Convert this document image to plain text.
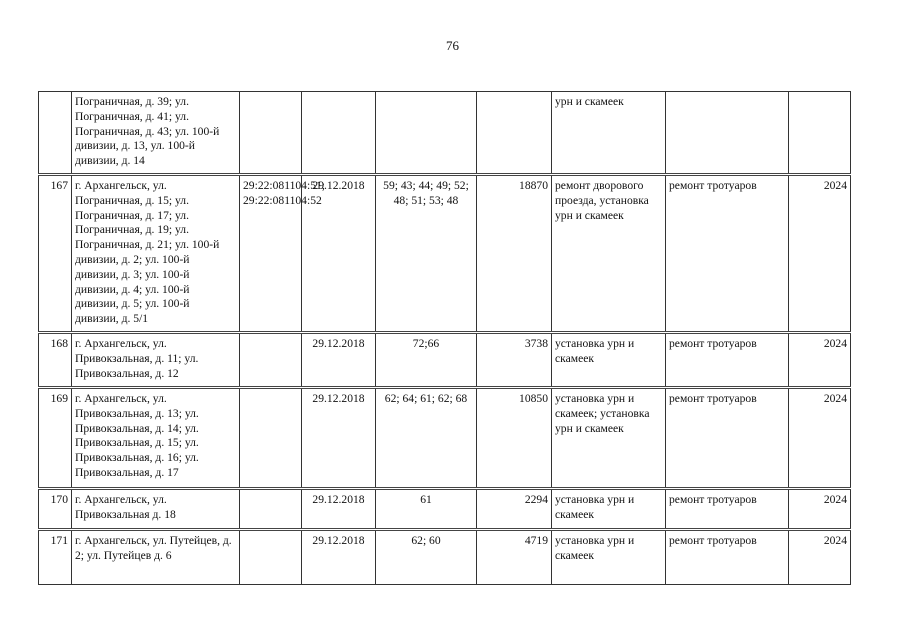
76
	Пограничная, д. 39; ул. Пограничная, д. 41; ул. Пограничная, д. 43; ул. 100-й дивизии, д. 13, ул. 100-й дивизии, д. 14					урн и скамеек		
167	г. Архангельск, ул. Пограничная, д. 15; ул. Пограничная, д. 17; ул. Пограничная, д. 19; ул. Пограничная, д. 21; ул. 100-й дивизии, д. 2; ул. 100-й дивизии, д. 3; ул. 100-й дивизии, д. 4; ул. 100-й дивизии, д. 5; ул. 100-й дивизии, д. 5/1	29:22:081104:51; 29:22:081104:52	29.12.2018	59; 43; 44; 49; 52; 48; 51; 53; 48	18870	ремонт дворового проезда, установка урн и скамеек	ремонт тротуаров	2024
168	г. Архангельск, ул. Привокзальная, д. 11; ул. Привокзальная, д. 12		29.12.2018	72;66	3738	установка урн и скамеек	ремонт тротуаров	2024
169	г. Архангельск, ул. Привокзальная, д. 13; ул. Привокзальная, д. 14; ул. Привокзальная, д. 15; ул. Привокзальная, д. 16; ул. Привокзальная, д. 17		29.12.2018	62; 64; 61; 62; 68	10850	установка урн и скамеек; установка урн и скамеек	ремонт тротуаров	2024
170	г. Архангельск, ул. Привокзальная д. 18		29.12.2018	61	2294	установка урн и скамеек	ремонт тротуаров	2024
171	г. Архангельск, ул. Путейцев, д. 2; ул. Путейцев д. 6		29.12.2018	62; 60	4719	установка урн и скамеек	ремонт тротуаров	2024
